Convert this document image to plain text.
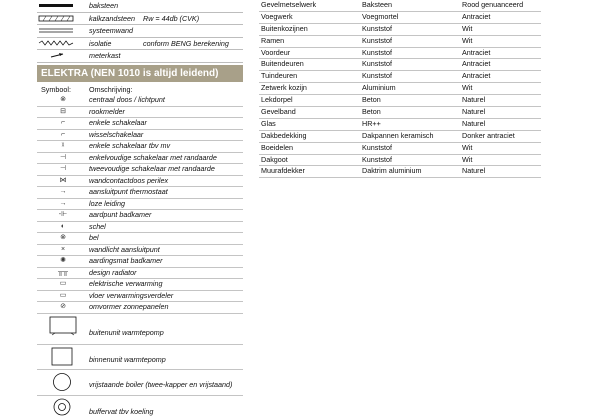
baksteen
kalkzandsteen Rw = 44db (CVK)
systeemwand
isolatie	conform BENG berekening
meterkast
ELEKTRA (NEN 1010 is altijd leidend)
Symbool:	Omschrijving:
⊗	centraal doos / lichtpunt
⊟	rookmelder
⌐	enkele schakelaar
⌐	wisselschakelaar
ᵡ	enkele schakelaar tbv mv
⊣	enkelvoudige schakelaar met randaarde
⊣	tweevoudige schakelaar met randaarde
⋈	wandcontactdoos perilex
→	aansluitpunt thermostaat
→	loze leiding
-⊩	aardpunt badkamer
◐	schel
⊗	bel
×	wandlicht aansluitpunt
✺	aardingsmat badkamer
╥╥	design radiator
▭	elektrische verwarming
▭	vloer verwarmingsverdeler
⊘	omvormer zonnepanelen
buitenunit warmtepomp
binnenunit warmtepomp
vrijstaande boiler (twee-kapper en vrijstaand)
buffervat tbv koeling
Gevelmetselwerk	Baksteen	Rood genuanceerd
Voegwerk	Voegmortel	Antraciet
Buitenkozijnen	Kunststof	Wit
Ramen	Kunststof	Wit
Voordeur	Kunststof	Antraciet
Buitendeuren	Kunststof	Antraciet
Tuindeuren	Kunststof	Antraciet
Zetwerk kozijn	Aluminium	Wit
Lekdorpel	Beton	Naturel
Gevelband	Beton	Naturel
Glas	HR++	Naturel
Dakbedekking	Dakpannen keramisch	Donker antraciet
Boeidelen	Kunststof	Wit
Dakgoot	Kunststof	Wit
Muurafdekker	Daktrim aluminium	Naturel
